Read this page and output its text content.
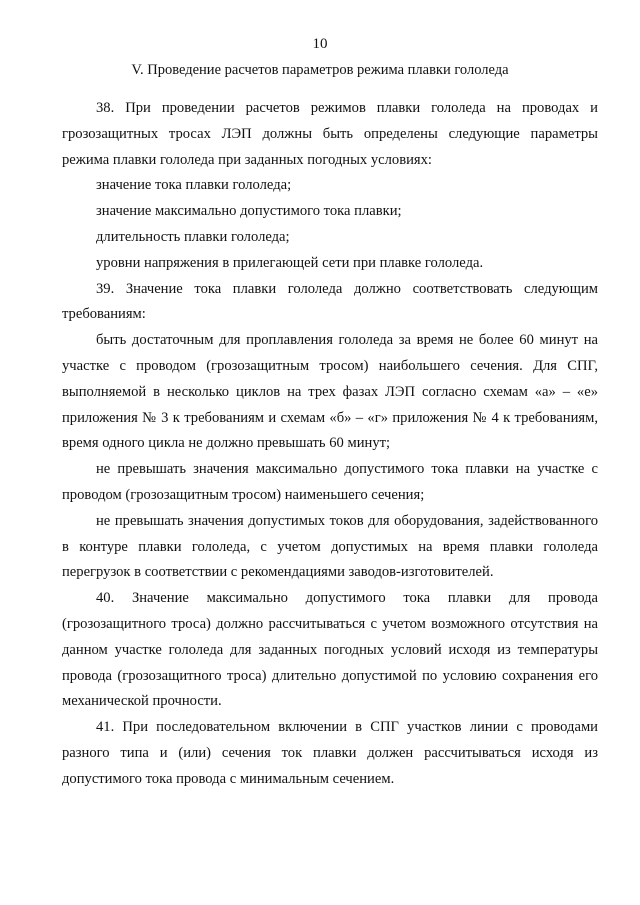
10
V. Проведение расчетов параметров режима плавки гололеда

38. При проведении расчетов режимов плавки гололеда на проводах и грозозащитных тросах ЛЭП должны быть определены следующие параметры режима плавки гололеда при заданных погодных условиях:

значение тока плавки гололеда;

значение максимально допустимого тока плавки;

длительность плавки гололеда;

уровни напряжения в прилегающей сети при плавке гололеда.

39. Значение тока плавки гололеда должно соответствовать следующим требованиям:

быть достаточным для проплавления гололеда за время не более 60 минут на участке с проводом (грозозащитным тросом) наибольшего сечения. Для СПГ, выполняемой в несколько циклов на трех фазах ЛЭП согласно схемам «а» – «е» приложения № 3 к требованиям и схемам «б» – «г» приложения № 4 к требованиям, время одного цикла не должно превышать 60 минут;

не превышать значения максимально допустимого тока плавки на участке с проводом (грозозащитным тросом) наименьшего сечения;

не превышать значения допустимых токов для оборудования, задействованного в контуре плавки гололеда, с учетом допустимых на время плавки гололеда перегрузок в соответствии с рекомендациями заводов-изготовителей.

40. Значение максимально допустимого тока плавки для провода (грозозащитного троса) должно рассчитываться с учетом возможного отсутствия на данном участке гололеда для заданных погодных условий исходя из температуры провода (грозозащитного троса) длительно допустимой по условию сохранения его механической прочности.

41. При последовательном включении в СПГ участков линии с проводами разного типа и (или) сечения ток плавки должен рассчитываться исходя из допустимого тока провода с минимальным сечением.
